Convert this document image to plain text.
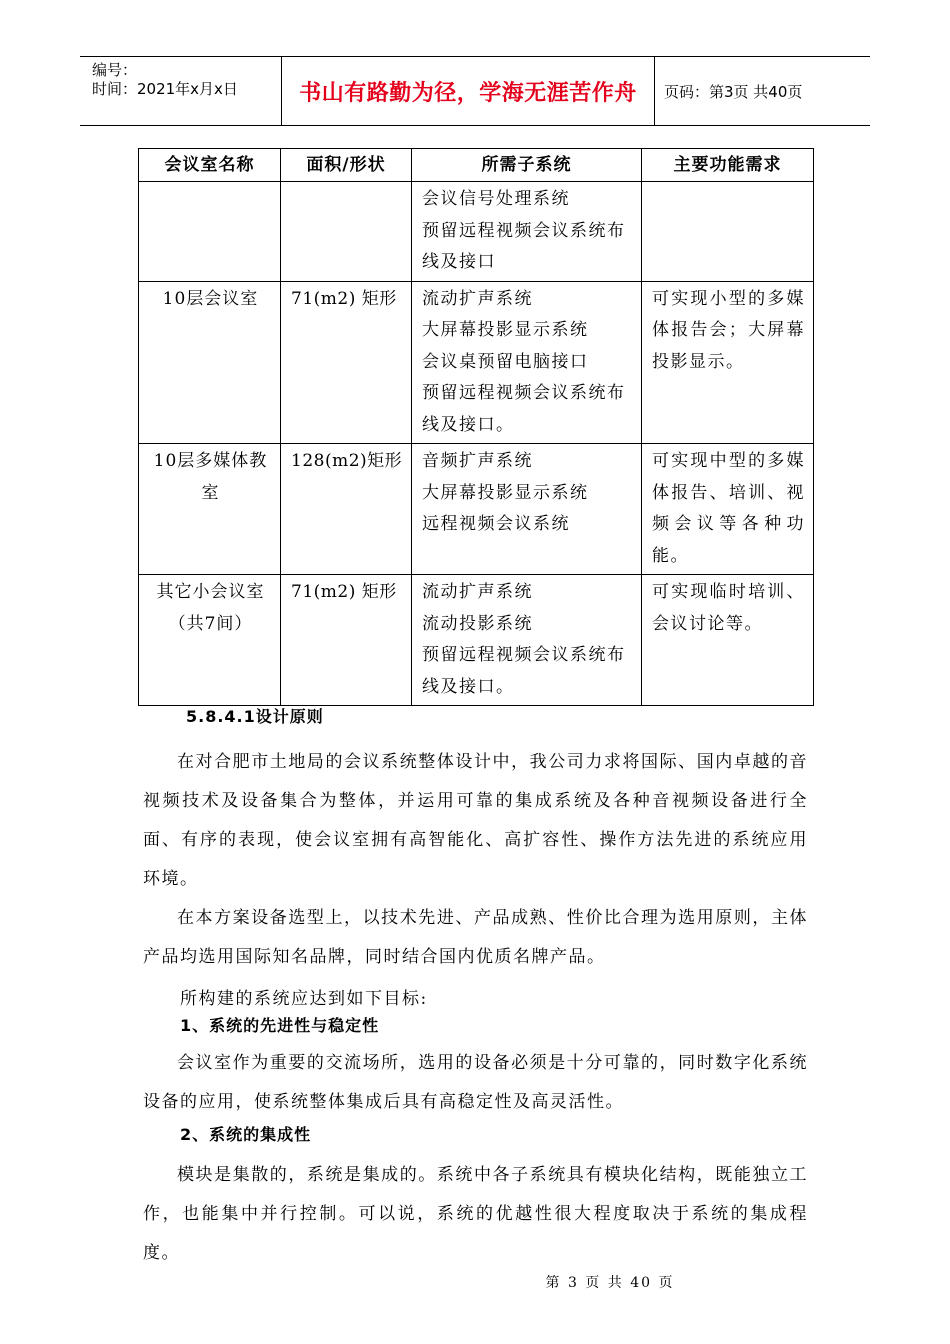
编号：
时间：2021年x月x日	书山有路勤为径，学海无涯苦作舟	页码：第3页 共40页
会议室名称	面积/形状	所需子系统	主要功能需求

		会议信号处理系统
预留远程视频会议系统布
线及接口	

10层会议室	71(m2) 矩形	流动扩声系统
大屏幕投影显示系统
会议桌预留电脑接口
预留远程视频会议系统布
线及接口。	可实现小型的多媒体报告会；大屏幕投影显示。
10层多媒体教室	128(m2)矩形	音频扩声系统
大屏幕投影显示系统
远程视频会议系统	可实现中型的多媒体报告、培训、视频会议等各种功能。
其它小会议室（共7间）	71(m2) 矩形	流动扩声系统
流动投影系统
预留远程视频会议系统布
线及接口。	可实现临时培训、会议讨论等。
5.8.4.1设计原则

在对合肥市土地局的会议系统整体设计中，我公司力求将国际、国内卓越的音视频技术及设备集合为整体，并运用可靠的集成系统及各种音视频设备进行全面、有序的表现，使会议室拥有高智能化、高扩容性、操作方法先进的系统应用环境。

在本方案设备选型上，以技术先进、产品成熟、性价比合理为选用原则，主体产品均选用国际知名品牌，同时结合国内优质名牌产品。

所构建的系统应达到如下目标:
1、系统的先进性与稳定性

会议室作为重要的交流场所，选用的设备必须是十分可靠的，同时数字化系统设备的应用，使系统整体集成后具有高稳定性及高灵活性。

2、系统的集成性

模块是集散的，系统是集成的。系统中各子系统具有模块化结构，既能独立工作，也能集中并行控制。可以说，系统的优越性很大程度取决于系统的集成程度。

第 3 页 共 40 页
